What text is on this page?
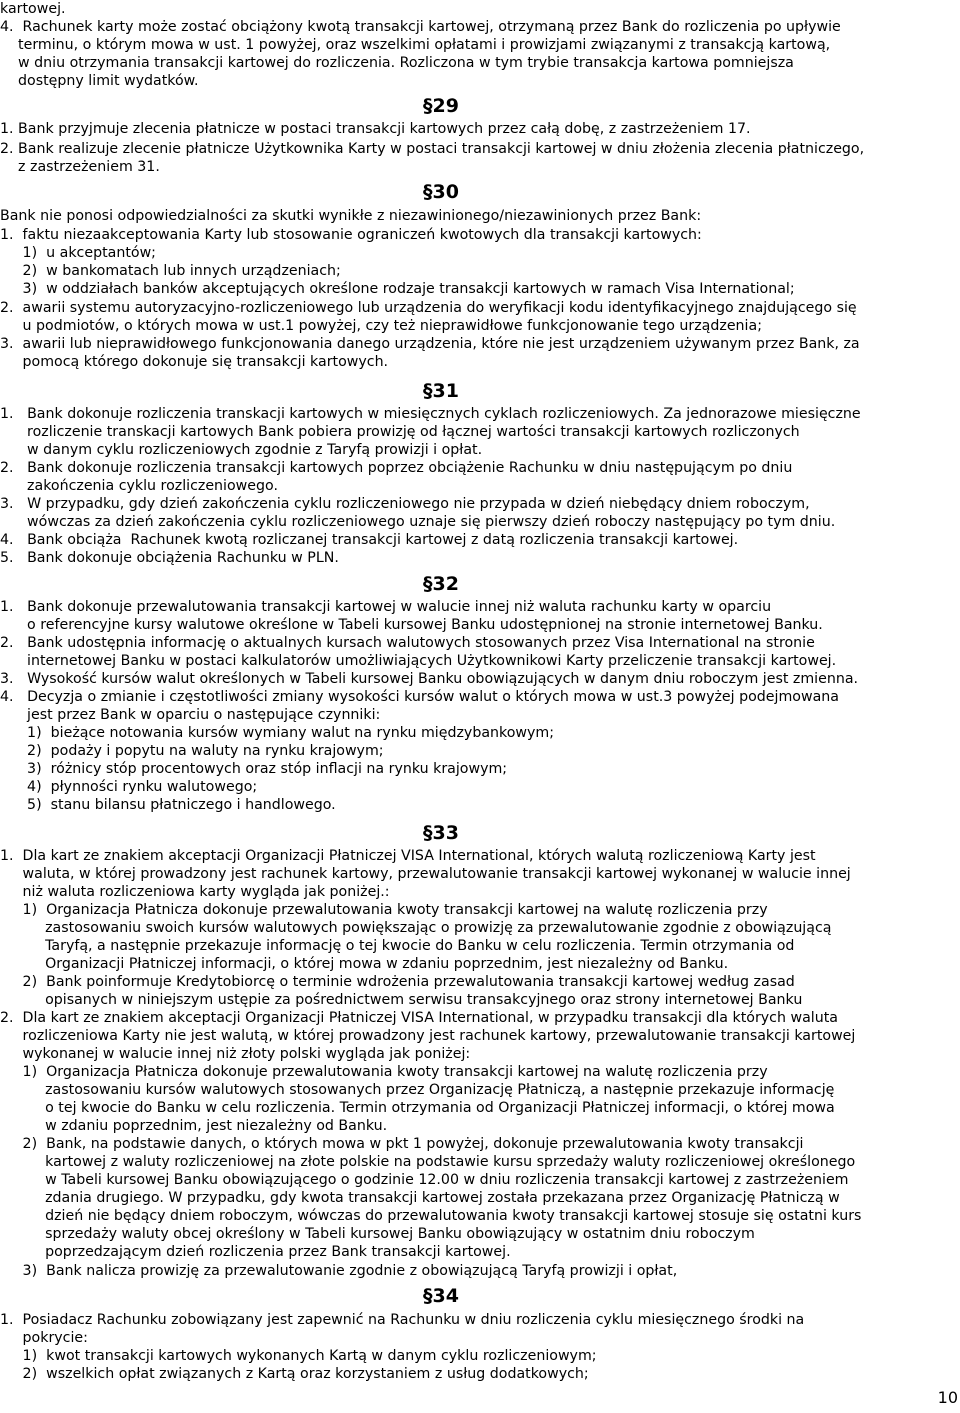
kartowej.
4.  Rachunek karty może zostać obciążony kwotą transakcji kartowej, otrzymaną przez Bank do rozliczenia po upływie
terminu, o którym mowa w ust. 1 powyżej, oraz wszelkimi opłatami i prowizjami związanymi z transakcją kartową,
w dniu otrzymania transakcji kartowej do rozliczenia. Rozliczona w tym trybie transakcja kartowa pomniejsza
dostępny limit wydatków.
§29
1. Bank przyjmuje zlecenia płatnicze w postaci transakcji kartowych przez całą dobę, z zastrzeżeniem 17.
2. Bank realizuje zlecenie płatnicze Użytkownika Karty w postaci transakcji kartowej w dniu złożenia zlecenia płatniczego,
z zastrzeżeniem 31.
§30
Bank nie ponosi odpowiedzialności za skutki wynikłe z niezawinionego/niezawinionych przez Bank:
1.  faktu niezaakceptowania Karty lub stosowanie ograniczeń kwotowych dla transakcji kartowych:
1)  u akceptantów;
2)  w bankomatach lub innych urządzeniach;
3)  w oddziałach banków akceptujących określone rodzaje transakcji kartowych w ramach Visa International;
2.  awarii systemu autoryzacyjno-rozliczeniowego lub urządzenia do weryfikacji kodu identyfikacyjnego znajdującego się
u podmiotów, o których mowa w ust.1 powyżej, czy też nieprawidłowe funkcjonowanie tego urządzenia;
3.  awarii lub nieprawidłowego funkcjonowania danego urządzenia, które nie jest urządzeniem używanym przez Bank, za
pomocą którego dokonuje się transakcji kartowych.
§31
1.   Bank dokonuje rozliczenia transkacji kartowych w miesięcznych cyklach rozliczeniowych. Za jednorazowe miesięczne
rozliczenie transkacji kartowych Bank pobiera prowizję od łącznej wartości transakcji kartowych rozliczonych
w danym cyklu rozliczeniowych zgodnie z Taryfą prowizji i opłat.
2.   Bank dokonuje rozliczenia transakcji kartowych poprzez obciążenie Rachunku w dniu następującym po dniu
zakończenia cyklu rozliczeniowego.
3.   W przypadku, gdy dzień zakończenia cyklu rozliczeniowego nie przypada w dzień niebędący dniem roboczym,
wówczas za dzień zakończenia cyklu rozliczeniowego uznaje się pierwszy dzień roboczy następujący po tym dniu.
4.   Bank obciąża  Rachunek kwotą rozliczanej transakcji kartowej z datą rozliczenia transakcji kartowej.
5.   Bank dokonuje obciążenia Rachunku w PLN.
§32
1.   Bank dokonuje przewalutowania transakcji kartowej w walucie innej niż waluta rachunku karty w oparciu
o referencyjne kursy walutowe określone w Tabeli kursowej Banku udostępnionej na stronie internetowej Banku.
2.   Bank udostępnia informację o aktualnych kursach walutowych stosowanych przez Visa International na stronie
internetowej Banku w postaci kalkulatorów umożliwiających Użytkownikowi Karty przeliczenie transakcji kartowej.
3.   Wysokość kursów walut określonych w Tabeli kursowej Banku obowiązujących w danym dniu roboczym jest zmienna.
4.   Decyzja o zmianie i częstotliwości zmiany wysokości kursów walut o których mowa w ust.3 powyżej podejmowana
jest przez Bank w oparciu o następujące czynniki:
1)  bieżące notowania kursów wymiany walut na rynku międzybankowym;
2)  podaży i popytu na waluty na rynku krajowym;
3)  różnicy stóp procentowych oraz stóp inflacji na rynku krajowym;
4)  płynności rynku walutowego;
5)  stanu bilansu płatniczego i handlowego.
§33
1.  Dla kart ze znakiem akceptacji Organizacji Płatniczej VISA International, których walutą rozliczeniową Karty jest
waluta, w której prowadzony jest rachunek kartowy, przewalutowanie transakcji kartowej wykonanej w walucie innej
niż waluta rozliczeniowa karty wygląda jak poniżej.:
1)  Organizacja Płatnicza dokonuje przewalutowania kwoty transakcji kartowej na walutę rozliczenia przy
zastosowaniu swoich kursów walutowych powiększając o prowizję za przewalutowanie zgodnie z obowiązującą
Taryfą, a następnie przekazuje informację o tej kwocie do Banku w celu rozliczenia. Termin otrzymania od
Organizacji Płatniczej informacji, o której mowa w zdaniu poprzednim, jest niezależny od Banku.
2)  Bank poinformuje Kredytobiorcę o terminie wdrożenia przewalutowania transakcji kartowej według zasad
opisanych w niniejszym ustępie za pośrednictwem serwisu transakcyjnego oraz strony internetowej Banku
2.  Dla kart ze znakiem akceptacji Organizacji Płatniczej VISA International, w przypadku transakcji dla których waluta
rozliczeniowa Karty nie jest walutą, w której prowadzony jest rachunek kartowy, przewalutowanie transakcji kartowej
wykonanej w walucie innej niż złoty polski wygląda jak poniżej:
1)  Organizacja Płatnicza dokonuje przewalutowania kwoty transakcji kartowej na walutę rozliczenia przy
zastosowaniu kursów walutowych stosowanych przez Organizację Płatniczą, a następnie przekazuje informację
o tej kwocie do Banku w celu rozliczenia. Termin otrzymania od Organizacji Płatniczej informacji, o której mowa
w zdaniu poprzednim, jest niezależny od Banku.
2)  Bank, na podstawie danych, o których mowa w pkt 1 powyżej, dokonuje przewalutowania kwoty transakcji
kartowej z waluty rozliczeniowej na złote polskie na podstawie kursu sprzedaży waluty rozliczeniowej określonego
w Tabeli kursowej Banku obowiązującego o godzinie 12.00 w dniu rozliczenia transakcji kartowej z zastrzeżeniem
zdania drugiego. W przypadku, gdy kwota transakcji kartowej została przekazana przez Organizację Płatniczą w
dzień nie będący dniem roboczym, wówczas do przewalutowania kwoty transakcji kartowej stosuje się ostatni kurs
sprzedaży waluty obcej określony w Tabeli kursowej Banku obowiązujący w ostatnim dniu roboczym
poprzedzającym dzień rozliczenia przez Bank transakcji kartowej.
3)  Bank nalicza prowizję za przewalutowanie zgodnie z obowiązującą Taryfą prowizji i opłat,
§34
1.  Posiadacz Rachunku zobowiązany jest zapewnić na Rachunku w dniu rozliczenia cyklu miesięcznego środki na
pokrycie:
1)  kwot transakcji kartowych wykonanych Kartą w danym cyklu rozliczeniowym;
2)  wszelkich opłat związanych z Kartą oraz korzystaniem z usług dodatkowych;
10
